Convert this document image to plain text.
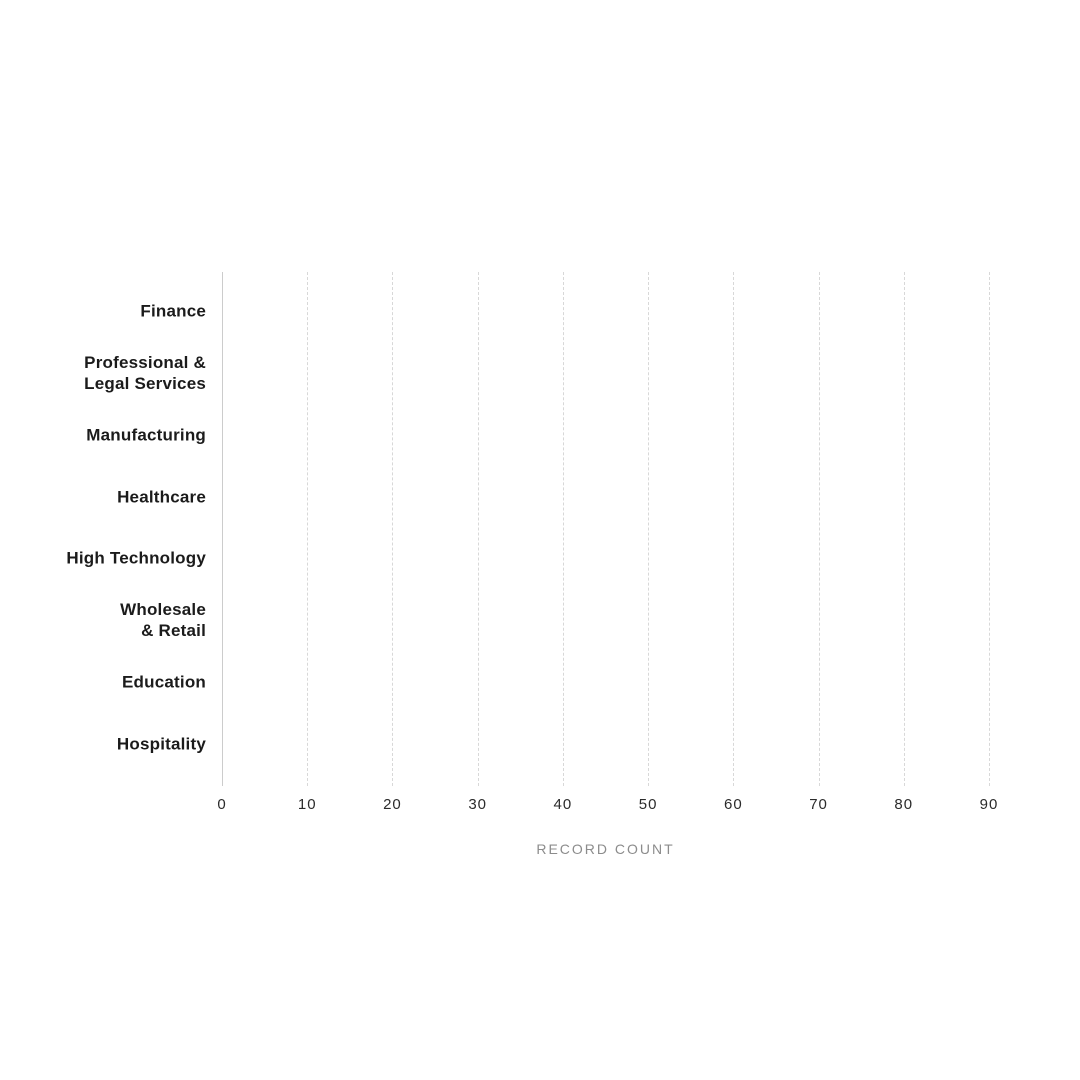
Finance
Professional &
Legal Services
Manufacturing
Healthcare
High Technology
Wholesale
& Retail
Education
Hospitality
0	10	20	30	40	50	60	70	80	90
RECORD COUNT
